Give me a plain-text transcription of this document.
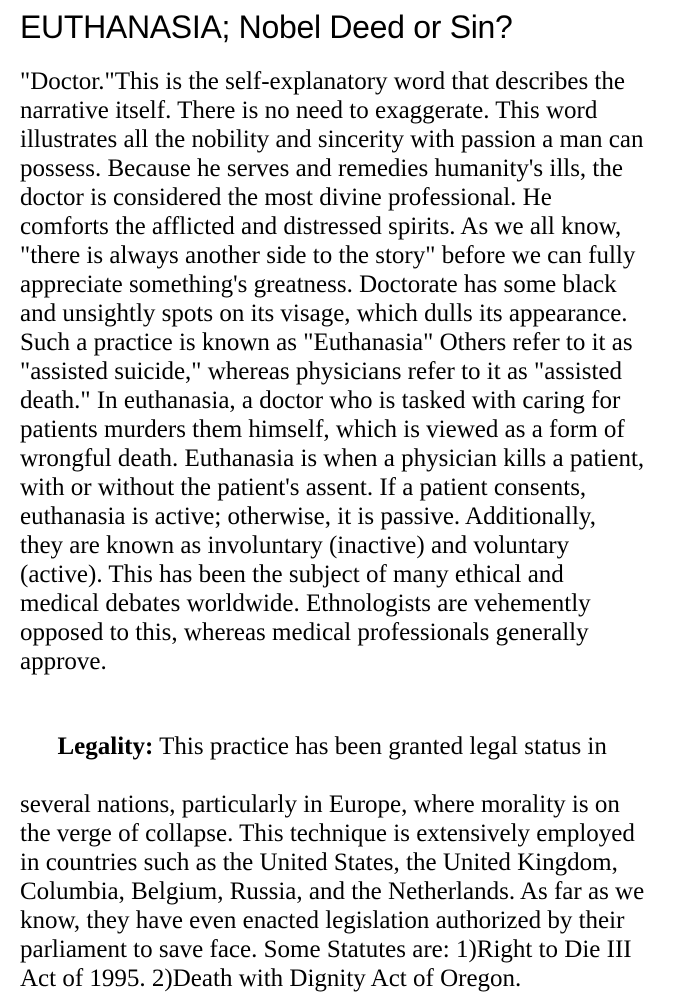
EUTHANASIA; Nobel Deed or Sin?
"Doctor."This is the self-explanatory word that describes the
narrative itself. There is no need to exaggerate. This word
illustrates all the nobility and sincerity with passion a man can
possess. Because he serves and remedies humanity's ills, the
doctor is considered the most divine professional. He
comforts the afflicted and distressed spirits. As we all know,
"there is always another side to the story" before we can fully
appreciate something's greatness. Doctorate has some black
and unsightly spots on its visage, which dulls its appearance.
Such a practice is known as "Euthanasia" Others refer to it as
"assisted suicide," whereas physicians refer to it as "assisted
death." In euthanasia, a doctor who is tasked with caring for
patients murders them himself, which is viewed as a form of
wrongful death. Euthanasia is when a physician kills a patient,
with or without the patient's assent. If a patient consents,
euthanasia is active; otherwise, it is passive. Additionally,
they are known as involuntary (inactive) and voluntary
(active). This has been the subject of many ethical and
medical debates worldwide. Ethnologists are vehemently
opposed to this, whereas medical professionals generally
approve.

Legality: This practice has been granted legal status in

several nations, particularly in Europe, where morality is on
the verge of collapse. This technique is extensively employed
in countries such as the United States, the United Kingdom,
Columbia, Belgium, Russia, and the Netherlands. As far as we
know, they have even enacted legislation authorized by their
parliament to save face. Some Statutes are: 1)Right to Die III
Act of 1995. 2)Death with Dignity Act of Oregon.
